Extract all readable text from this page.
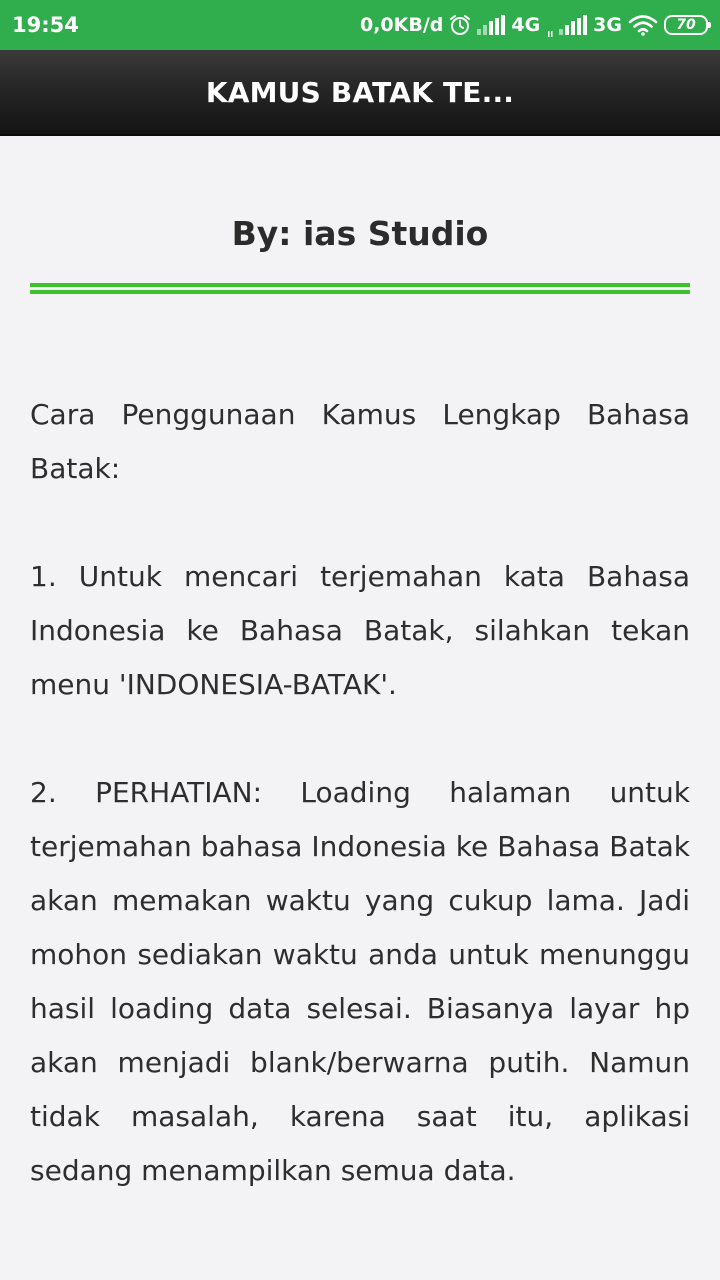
19:54	0,0KB/d	4G II 3G	70
KAMUS BATAK TE...
By: ias Studio

Cara Penggunaan Kamus Lengkap Bahasa Batak:

1. Untuk mencari terjemahan kata Bahasa Indonesia ke Bahasa Batak, silahkan tekan menu 'INDONESIA-BATAK'.

2. PERHATIAN: Loading halaman untuk terjemahan bahasa Indonesia ke Bahasa Batak akan memakan waktu yang cukup lama. Jadi mohon sediakan waktu anda untuk menunggu hasil loading data selesai. Biasanya layar hp akan menjadi blank/berwarna putih. Namun tidak masalah, karena saat itu, aplikasi sedang menampilkan semua data.
